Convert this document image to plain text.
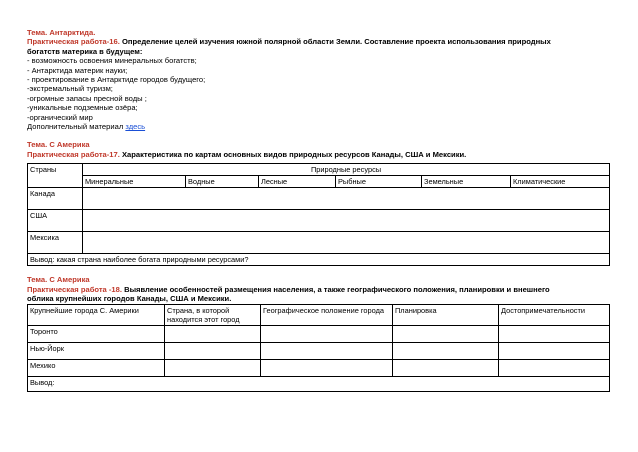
Тема. Антарктида.
Практическая работа-16. Определение целей изучения южной полярной области Земли. Составление проекта использования природных
богатств материка в будущем:
- возможность освоения минеральных богатств;
- Антарктида материк науки;
- проектирование в Антарктиде городов будущего;
-экстремальный туризм;
-огромные запасы пресной воды ;
-уникальные подземные озёра;
-органический мир
Дополнительный материал здесь
Тема. С Америка
Практическая работа-17. Характеристика по картам основных видов природных ресурсов Канады, США и Мексики.
Страны	Природные ресурсы					
	Минеральные	Водные	Лесные	Рыбные	Земельные	Климатические
Канада						
США						
Мексика						
Вывод: какая страна наиболее богата природными ресурсами?						
Тема. С Америка
Практическая работа -18. Выявление особенностей размещения населения, а также географического положения, планировки и внешнего
облика крупнейших городов Канады, США и Мексики.
Крупнейшие города С. Америки	Страна, в которой находится этот город	Географическое положение города	Планировка	Достопримечательности
Торонто				
Нью-Йорк				
Мехико				
Вывод:				
